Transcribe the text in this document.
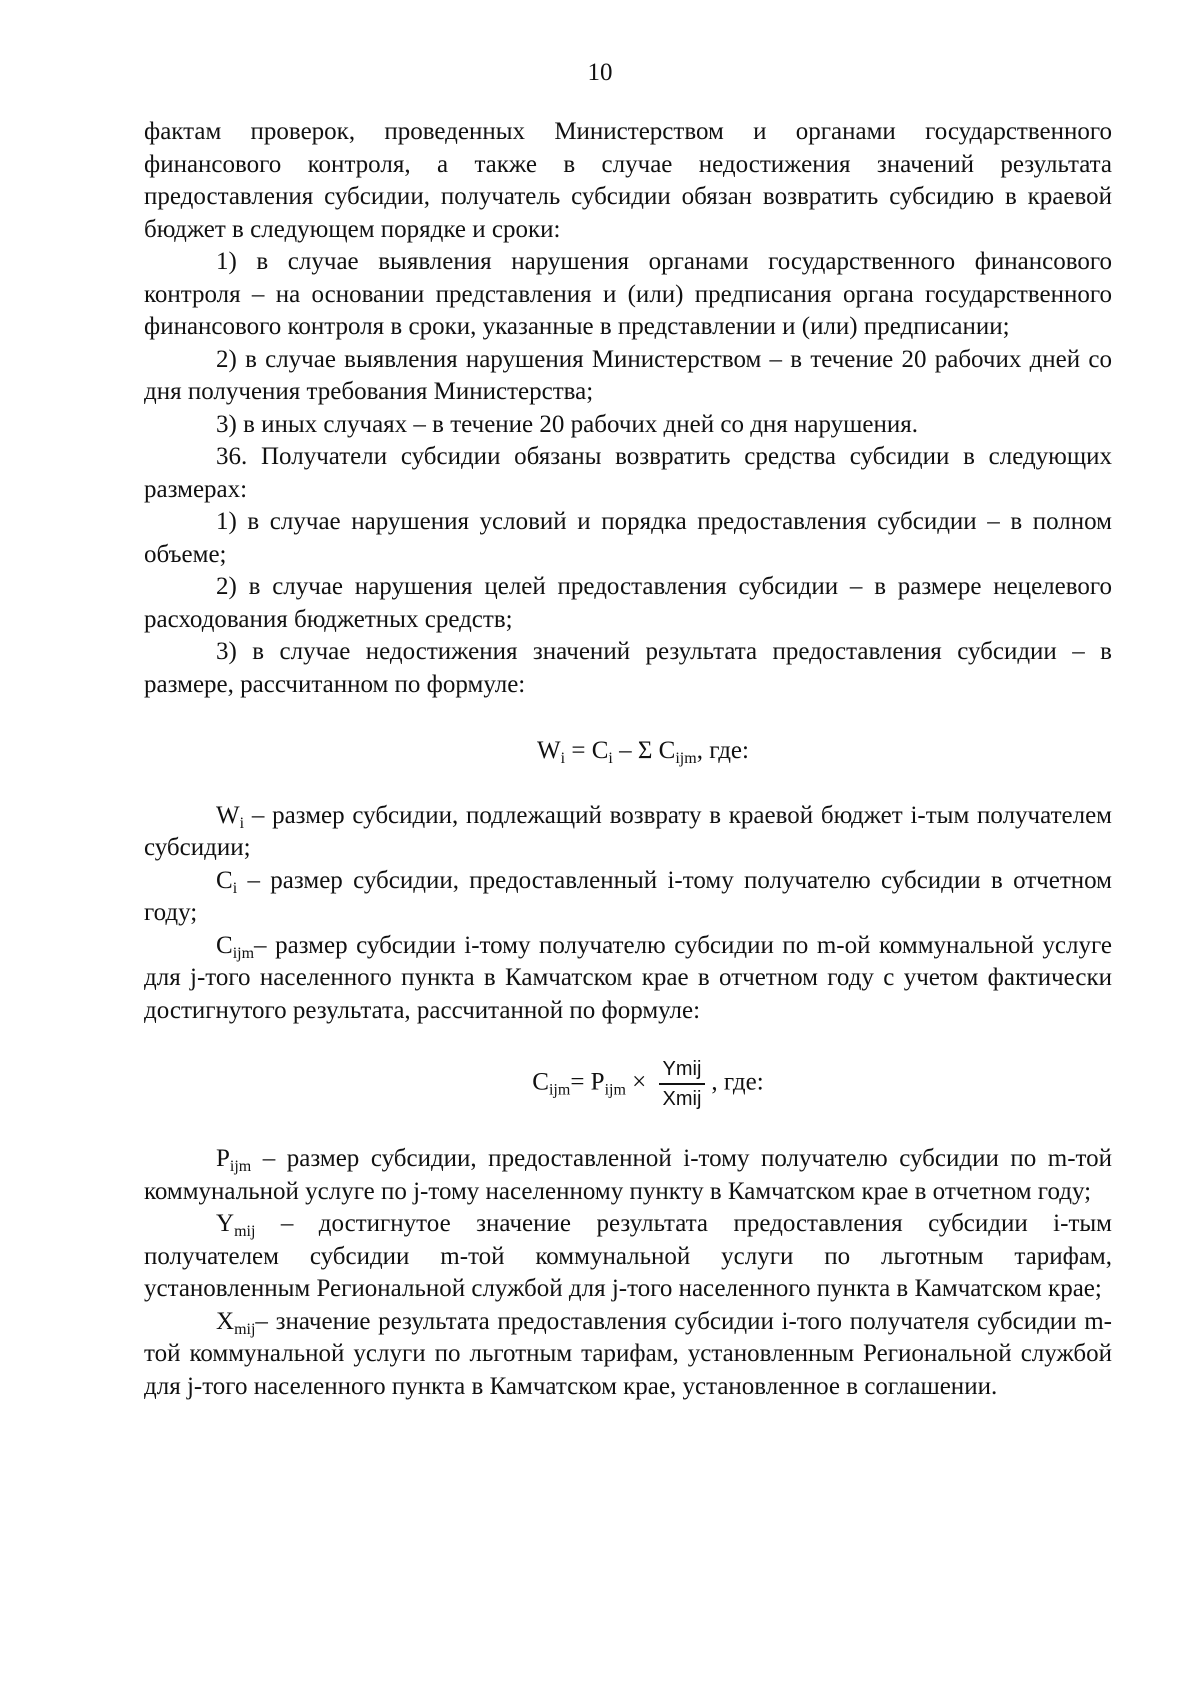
10

фактам проверок, проведенных Министерством и органами государственного финансового контроля, а также в случае недостижения значений результата предоставления субсидии, получатель субсидии обязан возвратить субсидию в краевой бюджет в следующем порядке и сроки:

1) в случае выявления нарушения органами государственного финансового контроля – на основании представления и (или) предписания органа государственного финансового контроля в сроки, указанные в представлении и (или) предписании;

2) в случае выявления нарушения Министерством – в течение 20 рабочих дней со дня получения требования Министерства;

3) в иных случаях – в течение 20 рабочих дней со дня нарушения.

36. Получатели субсидии обязаны возвратить средства субсидии в следующих размерах:

1) в случае нарушения условий и порядка предоставления субсидии – в полном объеме;

2) в случае нарушения целей предоставления субсидии – в размере нецелевого расходования бюджетных средств;

3) в случае недостижения значений результата предоставления субсидии – в размере, рассчитанном по формуле:

$W_i = C_i - \Sigma$ $C_{ijm}$, где:

$W_i$ – размер субсидии, подлежащий возврату в краевой бюджет i-тым получателем субсидии;

$C_i$ – размер субсидии, предоставленный i-тому получателю субсидии в отчетном году;

$C_{ijm}-$ размер субсидии i-тому получателю субсидии по m-ой коммунальной услуге для j-того населенного пункта в Камчатском крае в отчетном году с учетом фактически достигнутого результата, рассчитанной по формуле:

$C_{ijm}= P_{ijm} \times \frac{\text{Ymij}}{\text{Xmij}}$ , где:

$P_{ijm}$ – размер субсидии, предоставленной i-тому получателю субсидии по m-той коммунальной услуге по j-тому населенному пункту в Камчатском крае в отчетном году;

$Y_{mij}$ – достигнутое значение результата предоставления субсидии i-тым получателем субсидии m-той коммунальной услуги по льготным тарифам, установленным Региональной службой для j-того населенного пункта в Камчатском крае;

$X_{mij}-$ значение результата предоставления субсидии i-того получателя субсидии m-той коммунальной услуги по льготным тарифам, установленным Региональной службой для j-того населенного пункта в Камчатском крае, установленное в соглашении.
